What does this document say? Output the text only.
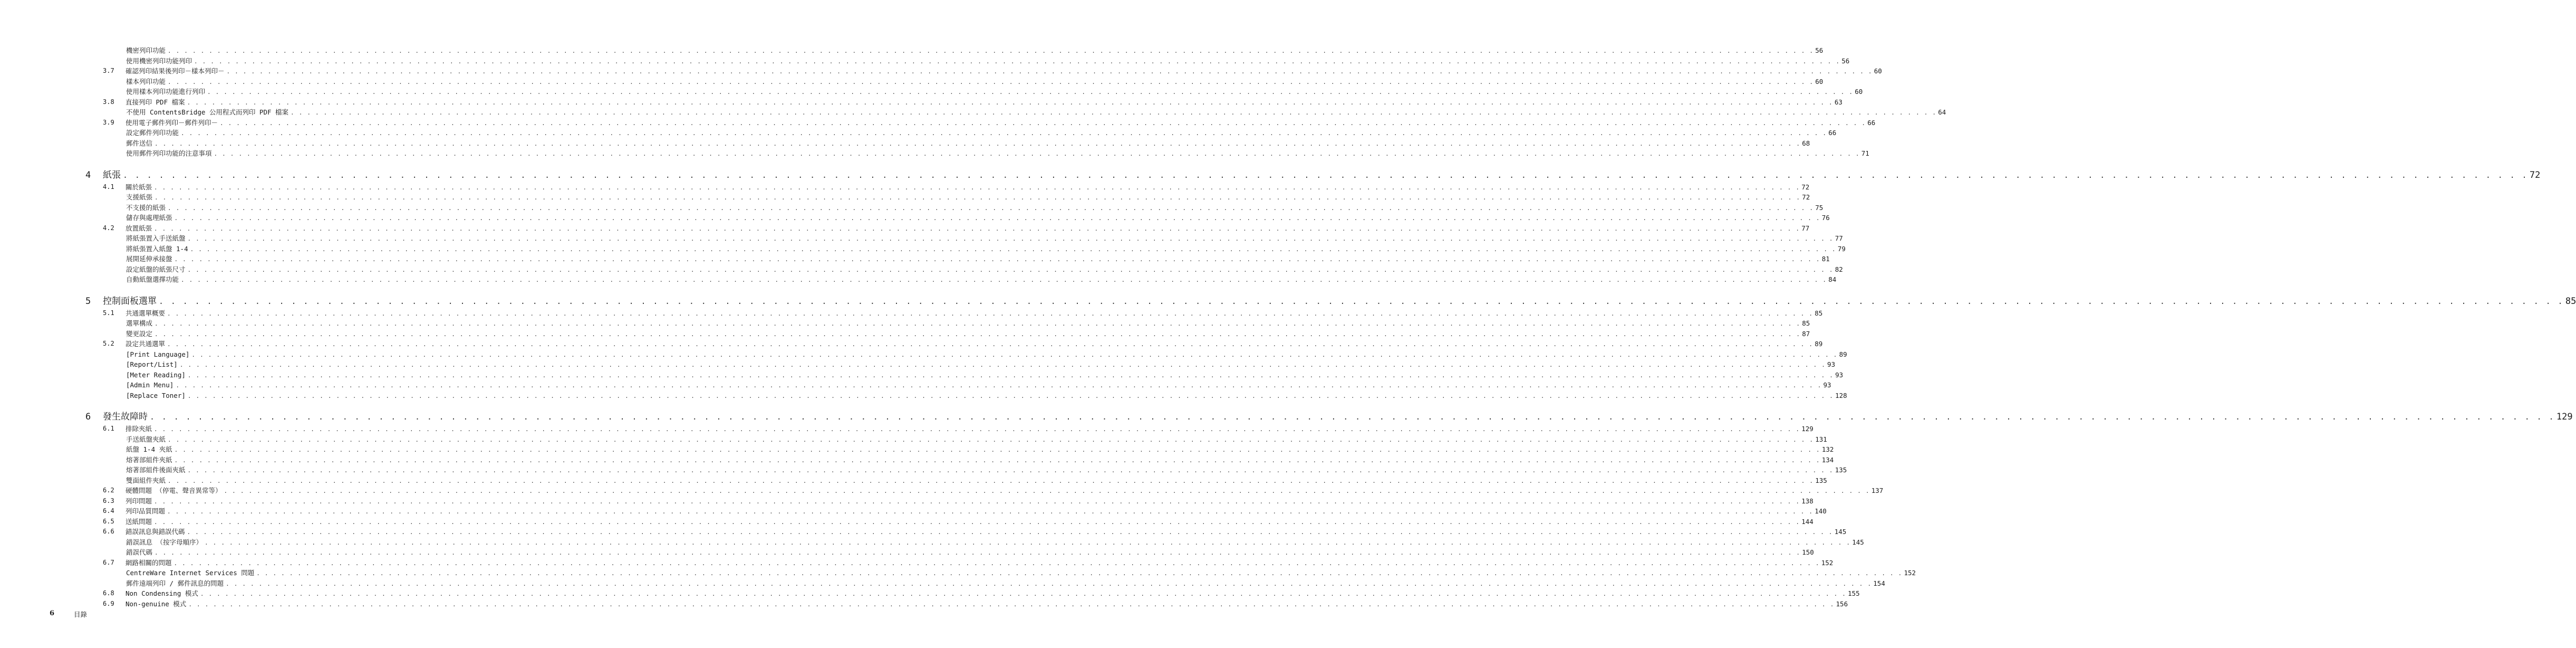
機密列印功能 . . . . . . . . . . . . . . . . . . . . . . . . . . . . . . . . . . . . . . . . . . . . . . . . . . . . . . . . . . . . . . . . . . . . . . . . . . . . . . . . . . . . . . . . . . . . . . . . . . . . . . . . . . . . . . . . . . . . . . . . . . . . . . . . . . . . . . . . . . . . . . . . . . . . . . . . . . . . . . . . . . . . . . . . . . . . . . . . . . . . . . . . . . . . . . . . . . . . . . . . 56
使用機密列印功能列印 . . . . . . . . . . . . . . . . . . . . . . . . . . . . . . . . . . . . . . . . . . . . . . . . . . . . . . . . . . . . . . . . . . . . . . . . . . . . . . . . . . . . . . . . . . . . . . . . . . . . . . . . . . . . . . . . . . . . . . . . . . . . . . . . . . . . . . . . . . . . . . . . . . . . . . . . . . . . . . . . . . . . . . . . . . . . . . . . . . . . . . . . . . . . . . . . . . . . . . . . 56
3.7 確認列印結果後列印－樣本列印－ . . . . . . . . . . . . . . . . . . . . . . . . . . . . . . . . . . . . . . . . . . . . . . . . . . . . . . . . . . . . . . . . . . . . . . . . . . . . . . . . . . . . . . . . . . . . . . . . . . . . . . . . . . . . . . . . . . . . . . . . . . . . . . . . . . . . . . . . . . . . . . . . . . . . . . . . . . . . . . . . . . . . . . . . . . . . . . . . . . . . . . . . . . . . . . . . . . . . . . . . 60
樣本列印功能 . . . . . . . . . . . . . . . . . . . . . . . . . . . . . . . . . . . . . . . . . . . . . . . . . . . . . . . . . . . . . . . . . . . . . . . . . . . . . . . . . . . . . . . . . . . . . . . . . . . . . . . . . . . . . . . . . . . . . . . . . . . . . . . . . . . . . . . . . . . . . . . . . . . . . . . . . . . . . . . . . . . . . . . . . . . . . . . . . . . . . . . . . . . . . . . . . . . . . . . . 60
使用樣本列印功能進行列印 . . . . . . . . . . . . . . . . . . . . . . . . . . . . . . . . . . . . . . . . . . . . . . . . . . . . . . . . . . . . . . . . . . . . . . . . . . . . . . . . . . . . . . . . . . . . . . . . . . . . . . . . . . . . . . . . . . . . . . . . . . . . . . . . . . . . . . . . . . . . . . . . . . . . . . . . . . . . . . . . . . . . . . . . . . . . . . . . . . . . . . . . . . . . . . . . . . . . . . . . 60
3.8 直接列印 PDF 檔案 . . . . . . . . . . . . . . . . . . . . . . . . . . . . . . . . . . . . . . . . . . . . . . . . . . . . . . . . . . . . . . . . . . . . . . . . . . . . . . . . . . . . . . . . . . . . . . . . . . . . . . . . . . . . . . . . . . . . . . . . . . . . . . . . . . . . . . . . . . . . . . . . . . . . . . . . . . . . . . . . . . . . . . . . . . . . . . . . . . . . . . . . . . . . . . . . . . . . . . . . 63
不使用 ContentsBridge 公用程式而列印 PDF 檔案 . . . . . . . . . . . . . . . . . . . . . . . . . . . . . . . . . . . . . . . . . . . . . . . . . . . . . . . . . . . . . . . . . . . . . . . . . . . . . . . . . . . . . . . . . . . . . . . . . . . . . . . . . . . . . . . . . . . . . . . . . . . . . . . . . . . . . . . . . . . . . . . . . . . . . . . . . . . . . . . . . . . . . . . . . . . . . . . . . . . . . . . . . . . . . . . . . . . . . . . . 64
3.9 使用電子郵件列印－郵件列印－ . . . . . . . . . . . . . . . . . . . . . . . . . . . . . . . . . . . . . . . . . . . . . . . . . . . . . . . . . . . . . . . . . . . . . . . . . . . . . . . . . . . . . . . . . . . . . . . . . . . . . . . . . . . . . . . . . . . . . . . . . . . . . . . . . . . . . . . . . . . . . . . . . . . . . . . . . . . . . . . . . . . . . . . . . . . . . . . . . . . . . . . . . . . . . . . . . . . . . . . . 66
設定郵件列印功能 . . . . . . . . . . . . . . . . . . . . . . . . . . . . . . . . . . . . . . . . . . . . . . . . . . . . . . . . . . . . . . . . . . . . . . . . . . . . . . . . . . . . . . . . . . . . . . . . . . . . . . . . . . . . . . . . . . . . . . . . . . . . . . . . . . . . . . . . . . . . . . . . . . . . . . . . . . . . . . . . . . . . . . . . . . . . . . . . . . . . . . . . . . . . . . . . . . . . . . . . 66
郵件送信 . . . . . . . . . . . . . . . . . . . . . . . . . . . . . . . . . . . . . . . . . . . . . . . . . . . . . . . . . . . . . . . . . . . . . . . . . . . . . . . . . . . . . . . . . . . . . . . . . . . . . . . . . . . . . . . . . . . . . . . . . . . . . . . . . . . . . . . . . . . . . . . . . . . . . . . . . . . . . . . . . . . . . . . . . . . . . . . . . . . . . . . . . . . . . . . . . . . . . . . . 68
使用郵件列印功能的注意事項 . . . . . . . . . . . . . . . . . . . . . . . . . . . . . . . . . . . . . . . . . . . . . . . . . . . . . . . . . . . . . . . . . . . . . . . . . . . . . . . . . . . . . . . . . . . . . . . . . . . . . . . . . . . . . . . . . . . . . . . . . . . . . . . . . . . . . . . . . . . . . . . . . . . . . . . . . . . . . . . . . . . . . . . . . . . . . . . . . . . . . . . . . . . . . . . . . . . . . . . . 71
4 紙張 . . . . . . . . . . . . . . . . . . . . . . . . . . . . . . . . . . . . . . . . . . . . . . . . . . . . . . . . . . . . . . . . . . . . . . . . . . . . . . . . . . . . . . . . . . . . . . . . . . . . . . . . . . . . . . . . . . . . . . . . . . . . . . . . . . . . . . . . . . . . . . . . . . . . . . . . . . . . . . . . . . . . . . . . . . . . . . . . . . . . . . . . . . . . . . . . . . . . . . . . 72
4.1 關於紙張 . . . . . . . . . . . . . . . . . . . . . . . . . . . . . . . . . . . . . . . . . . . . . . . . . . . . . . . . . . . . . . . . . . . . . . . . . . . . . . . . . . . . . . . . . . . . . . . . . . . . . . . . . . . . . . . . . . . . . . . . . . . . . . . . . . . . . . . . . . . . . . . . . . . . . . . . . . . . . . . . . . . . . . . . . . . . . . . . . . . . . . . . . . . . . . . . . . . . . . . . 72
支援紙張 . . . . . . . . . . . . . . . . . . . . . . . . . . . . . . . . . . . . . . . . . . . . . . . . . . . . . . . . . . . . . . . . . . . . . . . . . . . . . . . . . . . . . . . . . . . . . . . . . . . . . . . . . . . . . . . . . . . . . . . . . . . . . . . . . . . . . . . . . . . . . . . . . . . . . . . . . . . . . . . . . . . . . . . . . . . . . . . . . . . . . . . . . . . . . . . . . . . . . . . . 72
不支援的紙張 . . . . . . . . . . . . . . . . . . . . . . . . . . . . . . . . . . . . . . . . . . . . . . . . . . . . . . . . . . . . . . . . . . . . . . . . . . . . . . . . . . . . . . . . . . . . . . . . . . . . . . . . . . . . . . . . . . . . . . . . . . . . . . . . . . . . . . . . . . . . . . . . . . . . . . . . . . . . . . . . . . . . . . . . . . . . . . . . . . . . . . . . . . . . . . . . . . . . . . . . 75
儲存與處理紙張 . . . . . . . . . . . . . . . . . . . . . . . . . . . . . . . . . . . . . . . . . . . . . . . . . . . . . . . . . . . . . . . . . . . . . . . . . . . . . . . . . . . . . . . . . . . . . . . . . . . . . . . . . . . . . . . . . . . . . . . . . . . . . . . . . . . . . . . . . . . . . . . . . . . . . . . . . . . . . . . . . . . . . . . . . . . . . . . . . . . . . . . . . . . . . . . . . . . . . . . . 76
4.2 放置紙張 . . . . . . . . . . . . . . . . . . . . . . . . . . . . . . . . . . . . . . . . . . . . . . . . . . . . . . . . . . . . . . . . . . . . . . . . . . . . . . . . . . . . . . . . . . . . . . . . . . . . . . . . . . . . . . . . . . . . . . . . . . . . . . . . . . . . . . . . . . . . . . . . . . . . . . . . . . . . . . . . . . . . . . . . . . . . . . . . . . . . . . . . . . . . . . . . . . . . . . . . 77
將紙張置入手送紙盤 . . . . . . . . . . . . . . . . . . . . . . . . . . . . . . . . . . . . . . . . . . . . . . . . . . . . . . . . . . . . . . . . . . . . . . . . . . . . . . . . . . . . . . . . . . . . . . . . . . . . . . . . . . . . . . . . . . . . . . . . . . . . . . . . . . . . . . . . . . . . . . . . . . . . . . . . . . . . . . . . . . . . . . . . . . . . . . . . . . . . . . . . . . . . . . . . . . . . . . . . 77
將紙張置入紙盤 1-4 . . . . . . . . . . . . . . . . . . . . . . . . . . . . . . . . . . . . . . . . . . . . . . . . . . . . . . . . . . . . . . . . . . . . . . . . . . . . . . . . . . . . . . . . . . . . . . . . . . . . . . . . . . . . . . . . . . . . . . . . . . . . . . . . . . . . . . . . . . . . . . . . . . . . . . . . . . . . . . . . . . . . . . . . . . . . . . . . . . . . . . . . . . . . . . . . . . . . . . . . 79
展開延伸承接盤 . . . . . . . . . . . . . . . . . . . . . . . . . . . . . . . . . . . . . . . . . . . . . . . . . . . . . . . . . . . . . . . . . . . . . . . . . . . . . . . . . . . . . . . . . . . . . . . . . . . . . . . . . . . . . . . . . . . . . . . . . . . . . . . . . . . . . . . . . . . . . . . . . . . . . . . . . . . . . . . . . . . . . . . . . . . . . . . . . . . . . . . . . . . . . . . . . . . . . . . . 81
設定紙盤的紙張尺寸 . . . . . . . . . . . . . . . . . . . . . . . . . . . . . . . . . . . . . . . . . . . . . . . . . . . . . . . . . . . . . . . . . . . . . . . . . . . . . . . . . . . . . . . . . . . . . . . . . . . . . . . . . . . . . . . . . . . . . . . . . . . . . . . . . . . . . . . . . . . . . . . . . . . . . . . . . . . . . . . . . . . . . . . . . . . . . . . . . . . . . . . . . . . . . . . . . . . . . . . . 82
自動紙盤選擇功能 . . . . . . . . . . . . . . . . . . . . . . . . . . . . . . . . . . . . . . . . . . . . . . . . . . . . . . . . . . . . . . . . . . . . . . . . . . . . . . . . . . . . . . . . . . . . . . . . . . . . . . . . . . . . . . . . . . . . . . . . . . . . . . . . . . . . . . . . . . . . . . . . . . . . . . . . . . . . . . . . . . . . . . . . . . . . . . . . . . . . . . . . . . . . . . . . . . . . . . . . 84
5 控制面板選單 . . . . . . . . . . . . . . . . . . . . . . . . . . . . . . . . . . . . . . . . . . . . . . . . . . . . . . . . . . . . . . . . . . . . . . . . . . . . . . . . . . . . . . . . . . . . . . . . . . . . . . . . . . . . . . . . . . . . . . . . . . . . . . . . . . . . . . . . . . . . . . . . . . . . . . . . . . . . . . . . . . . . . . . . . . . . . . . . . . . . . . . . . . . . . . . . . . . . . . . . 85
5.1 共通選單概要 . . . . . . . . . . . . . . . . . . . . . . . . . . . . . . . . . . . . . . . . . . . . . . . . . . . . . . . . . . . . . . . . . . . . . . . . . . . . . . . . . . . . . . . . . . . . . . . . . . . . . . . . . . . . . . . . . . . . . . . . . . . . . . . . . . . . . . . . . . . . . . . . . . . . . . . . . . . . . . . . . . . . . . . . . . . . . . . . . . . . . . . . . . . . . . . . . . . . . . . . 85
選單構成 . . . . . . . . . . . . . . . . . . . . . . . . . . . . . . . . . . . . . . . . . . . . . . . . . . . . . . . . . . . . . . . . . . . . . . . . . . . . . . . . . . . . . . . . . . . . . . . . . . . . . . . . . . . . . . . . . . . . . . . . . . . . . . . . . . . . . . . . . . . . . . . . . . . . . . . . . . . . . . . . . . . . . . . . . . . . . . . . . . . . . . . . . . . . . . . . . . . . . . . . 85
變更設定 . . . . . . . . . . . . . . . . . . . . . . . . . . . . . . . . . . . . . . . . . . . . . . . . . . . . . . . . . . . . . . . . . . . . . . . . . . . . . . . . . . . . . . . . . . . . . . . . . . . . . . . . . . . . . . . . . . . . . . . . . . . . . . . . . . . . . . . . . . . . . . . . . . . . . . . . . . . . . . . . . . . . . . . . . . . . . . . . . . . . . . . . . . . . . . . . . . . . . . . . 87
5.2 設定共通選單 . . . . . . . . . . . . . . . . . . . . . . . . . . . . . . . . . . . . . . . . . . . . . . . . . . . . . . . . . . . . . . . . . . . . . . . . . . . . . . . . . . . . . . . . . . . . . . . . . . . . . . . . . . . . . . . . . . . . . . . . . . . . . . . . . . . . . . . . . . . . . . . . . . . . . . . . . . . . . . . . . . . . . . . . . . . . . . . . . . . . . . . . . . . . . . . . . . . . . . . . 89
[Print Language] . . . . . . . . . . . . . . . . . . . . . . . . . . . . . . . . . . . . . . . . . . . . . . . . . . . . . . . . . . . . . . . . . . . . . . . . . . . . . . . . . . . . . . . . . . . . . . . . . . . . . . . . . . . . . . . . . . . . . . . . . . . . . . . . . . . . . . . . . . . . . . . . . . . . . . . . . . . . . . . . . . . . . . . . . . . . . . . . . . . . . . . . . . . . . . . . . . . . . . . . 89
[Report/List] . . . . . . . . . . . . . . . . . . . . . . . . . . . . . . . . . . . . . . . . . . . . . . . . . . . . . . . . . . . . . . . . . . . . . . . . . . . . . . . . . . . . . . . . . . . . . . . . . . . . . . . . . . . . . . . . . . . . . . . . . . . . . . . . . . . . . . . . . . . . . . . . . . . . . . . . . . . . . . . . . . . . . . . . . . . . . . . . . . . . . . . . . . . . . . . . . . . . . . . . 93
[Meter Reading] . . . . . . . . . . . . . . . . . . . . . . . . . . . . . . . . . . . . . . . . . . . . . . . . . . . . . . . . . . . . . . . . . . . . . . . . . . . . . . . . . . . . . . . . . . . . . . . . . . . . . . . . . . . . . . . . . . . . . . . . . . . . . . . . . . . . . . . . . . . . . . . . . . . . . . . . . . . . . . . . . . . . . . . . . . . . . . . . . . . . . . . . . . . . . . . . . . . . . . . . 93
[Admin Menu] . . . . . . . . . . . . . . . . . . . . . . . . . . . . . . . . . . . . . . . . . . . . . . . . . . . . . . . . . . . . . . . . . . . . . . . . . . . . . . . . . . . . . . . . . . . . . . . . . . . . . . . . . . . . . . . . . . . . . . . . . . . . . . . . . . . . . . . . . . . . . . . . . . . . . . . . . . . . . . . . . . . . . . . . . . . . . . . . . . . . . . . . . . . . . . . . . . . . . . . . 93
[Replace Toner] . . . . . . . . . . . . . . . . . . . . . . . . . . . . . . . . . . . . . . . . . . . . . . . . . . . . . . . . . . . . . . . . . . . . . . . . . . . . . . . . . . . . . . . . . . . . . . . . . . . . . . . . . . . . . . . . . . . . . . . . . . . . . . . . . . . . . . . . . . . . . . . . . . . . . . . . . . . . . . . . . . . . . . . . . . . . . . . . . . . . . . . . . . . . . . . . . . . . . . . . 128
6 發生故障時 . . . . . . . . . . . . . . . . . . . . . . . . . . . . . . . . . . . . . . . . . . . . . . . . . . . . . . . . . . . . . . . . . . . . . . . . . . . . . . . . . . . . . . . . . . . . . . . . . . . . . . . . . . . . . . . . . . . . . . . . . . . . . . . . . . . . . . . . . . . . . . . . . . . . . . . . . . . . . . . . . . . . . . . . . . . . . . . . . . . . . . . . . . . . . . . . . . . . . . . . 129
6.1 排除夾紙 . . . . . . . . . . . . . . . . . . . . . . . . . . . . . . . . . . . . . . . . . . . . . . . . . . . . . . . . . . . . . . . . . . . . . . . . . . . . . . . . . . . . . . . . . . . . . . . . . . . . . . . . . . . . . . . . . . . . . . . . . . . . . . . . . . . . . . . . . . . . . . . . . . . . . . . . . . . . . . . . . . . . . . . . . . . . . . . . . . . . . . . . . . . . . . . . . . . . . . . . 129
手送紙盤夾紙 . . . . . . . . . . . . . . . . . . . . . . . . . . . . . . . . . . . . . . . . . . . . . . . . . . . . . . . . . . . . . . . . . . . . . . . . . . . . . . . . . . . . . . . . . . . . . . . . . . . . . . . . . . . . . . . . . . . . . . . . . . . . . . . . . . . . . . . . . . . . . . . . . . . . . . . . . . . . . . . . . . . . . . . . . . . . . . . . . . . . . . . . . . . . . . . . . . . . . . . . 131
紙盤 1-4 夾紙 . . . . . . . . . . . . . . . . . . . . . . . . . . . . . . . . . . . . . . . . . . . . . . . . . . . . . . . . . . . . . . . . . . . . . . . . . . . . . . . . . . . . . . . . . . . . . . . . . . . . . . . . . . . . . . . . . . . . . . . . . . . . . . . . . . . . . . . . . . . . . . . . . . . . . . . . . . . . . . . . . . . . . . . . . . . . . . . . . . . . . . . . . . . . . . . . . . . . . . . . 132
熔著部組件夾紙 . . . . . . . . . . . . . . . . . . . . . . . . . . . . . . . . . . . . . . . . . . . . . . . . . . . . . . . . . . . . . . . . . . . . . . . . . . . . . . . . . . . . . . . . . . . . . . . . . . . . . . . . . . . . . . . . . . . . . . . . . . . . . . . . . . . . . . . . . . . . . . . . . . . . . . . . . . . . . . . . . . . . . . . . . . . . . . . . . . . . . . . . . . . . . . . . . . . . . . . . 134
熔著部組件後面夾紙 . . . . . . . . . . . . . . . . . . . . . . . . . . . . . . . . . . . . . . . . . . . . . . . . . . . . . . . . . . . . . . . . . . . . . . . . . . . . . . . . . . . . . . . . . . . . . . . . . . . . . . . . . . . . . . . . . . . . . . . . . . . . . . . . . . . . . . . . . . . . . . . . . . . . . . . . . . . . . . . . . . . . . . . . . . . . . . . . . . . . . . . . . . . . . . . . . . . . . . . . 135
雙面組件夾紙 . . . . . . . . . . . . . . . . . . . . . . . . . . . . . . . . . . . . . . . . . . . . . . . . . . . . . . . . . . . . . . . . . . . . . . . . . . . . . . . . . . . . . . . . . . . . . . . . . . . . . . . . . . . . . . . . . . . . . . . . . . . . . . . . . . . . . . . . . . . . . . . . . . . . . . . . . . . . . . . . . . . . . . . . . . . . . . . . . . . . . . . . . . . . . . . . . . . . . . . . 135
6.2 硬體問題 （停電、聲音異常等） . . . . . . . . . . . . . . . . . . . . . . . . . . . . . . . . . . . . . . . . . . . . . . . . . . . . . . . . . . . . . . . . . . . . . . . . . . . . . . . . . . . . . . . . . . . . . . . . . . . . . . . . . . . . . . . . . . . . . . . . . . . . . . . . . . . . . . . . . . . . . . . . . . . . . . . . . . . . . . . . . . . . . . . . . . . . . . . . . . . . . . . . . . . . . . . . . . . . . . . . 137
6.3 列印問題 . . . . . . . . . . . . . . . . . . . . . . . . . . . . . . . . . . . . . . . . . . . . . . . . . . . . . . . . . . . . . . . . . . . . . . . . . . . . . . . . . . . . . . . . . . . . . . . . . . . . . . . . . . . . . . . . . . . . . . . . . . . . . . . . . . . . . . . . . . . . . . . . . . . . . . . . . . . . . . . . . . . . . . . . . . . . . . . . . . . . . . . . . . . . . . . . . . . . . . . . 138
6.4 列印品質問題 . . . . . . . . . . . . . . . . . . . . . . . . . . . . . . . . . . . . . . . . . . . . . . . . . . . . . . . . . . . . . . . . . . . . . . . . . . . . . . . . . . . . . . . . . . . . . . . . . . . . . . . . . . . . . . . . . . . . . . . . . . . . . . . . . . . . . . . . . . . . . . . . . . . . . . . . . . . . . . . . . . . . . . . . . . . . . . . . . . . . . . . . . . . . . . . . . . . . . . . . 140
6.5 送紙問題 . . . . . . . . . . . . . . . . . . . . . . . . . . . . . . . . . . . . . . . . . . . . . . . . . . . . . . . . . . . . . . . . . . . . . . . . . . . . . . . . . . . . . . . . . . . . . . . . . . . . . . . . . . . . . . . . . . . . . . . . . . . . . . . . . . . . . . . . . . . . . . . . . . . . . . . . . . . . . . . . . . . . . . . . . . . . . . . . . . . . . . . . . . . . . . . . . . . . . . . . 144
6.6 錯誤訊息與錯誤代碼 . . . . . . . . . . . . . . . . . . . . . . . . . . . . . . . . . . . . . . . . . . . . . . . . . . . . . . . . . . . . . . . . . . . . . . . . . . . . . . . . . . . . . . . . . . . . . . . . . . . . . . . . . . . . . . . . . . . . . . . . . . . . . . . . . . . . . . . . . . . . . . . . . . . . . . . . . . . . . . . . . . . . . . . . . . . . . . . . . . . . . . . . . . . . . . . . . . . . . . . . 145
錯誤訊息 （按字母順序） . . . . . . . . . . . . . . . . . . . . . . . . . . . . . . . . . . . . . . . . . . . . . . . . . . . . . . . . . . . . . . . . . . . . . . . . . . . . . . . . . . . . . . . . . . . . . . . . . . . . . . . . . . . . . . . . . . . . . . . . . . . . . . . . . . . . . . . . . . . . . . . . . . . . . . . . . . . . . . . . . . . . . . . . . . . . . . . . . . . . . . . . . . . . . . . . . . . . . . . . 145
錯誤代碼 . . . . . . . . . . . . . . . . . . . . . . . . . . . . . . . . . . . . . . . . . . . . . . . . . . . . . . . . . . . . . . . . . . . . . . . . . . . . . . . . . . . . . . . . . . . . . . . . . . . . . . . . . . . . . . . . . . . . . . . . . . . . . . . . . . . . . . . . . . . . . . . . . . . . . . . . . . . . . . . . . . . . . . . . . . . . . . . . . . . . . . . . . . . . . . . . . . . . . . . . 150
6.7 網路相關的問題 . . . . . . . . . . . . . . . . . . . . . . . . . . . . . . . . . . . . . . . . . . . . . . . . . . . . . . . . . . . . . . . . . . . . . . . . . . . . . . . . . . . . . . . . . . . . . . . . . . . . . . . . . . . . . . . . . . . . . . . . . . . . . . . . . . . . . . . . . . . . . . . . . . . . . . . . . . . . . . . . . . . . . . . . . . . . . . . . . . . . . . . . . . . . . . . . . . . . . . . . 152
CentreWare Internet Services 問題 . . . . . . . . . . . . . . . . . . . . . . . . . . . . . . . . . . . . . . . . . . . . . . . . . . . . . . . . . . . . . . . . . . . . . . . . . . . . . . . . . . . . . . . . . . . . . . . . . . . . . . . . . . . . . . . . . . . . . . . . . . . . . . . . . . . . . . . . . . . . . . . . . . . . . . . . . . . . . . . . . . . . . . . . . . . . . . . . . . . . . . . . . . . . . . . . . . . . . . . . 152
郵件遠端列印 / 郵件訊息的問題 . . . . . . . . . . . . . . . . . . . . . . . . . . . . . . . . . . . . . . . . . . . . . . . . . . . . . . . . . . . . . . . . . . . . . . . . . . . . . . . . . . . . . . . . . . . . . . . . . . . . . . . . . . . . . . . . . . . . . . . . . . . . . . . . . . . . . . . . . . . . . . . . . . . . . . . . . . . . . . . . . . . . . . . . . . . . . . . . . . . . . . . . . . . . . . . . . . . . . . . . 154
6.8 Non Condensing 模式 . . . . . . . . . . . . . . . . . . . . . . . . . . . . . . . . . . . . . . . . . . . . . . . . . . . . . . . . . . . . . . . . . . . . . . . . . . . . . . . . . . . . . . . . . . . . . . . . . . . . . . . . . . . . . . . . . . . . . . . . . . . . . . . . . . . . . . . . . . . . . . . . . . . . . . . . . . . . . . . . . . . . . . . . . . . . . . . . . . . . . . . . . . . . . . . . . . . . . . . . 155
6.9 Non-genuine 模式 . . . . . . . . . . . . . . . . . . . . . . . . . . . . . . . . . . . . . . . . . . . . . . . . . . . . . . . . . . . . . . . . . . . . . . . . . . . . . . . . . . . . . . . . . . . . . . . . . . . . . . . . . . . . . . . . . . . . . . . . . . . . . . . . . . . . . . . . . . . . . . . . . . . . . . . . . . . . . . . . . . . . . . . . . . . . . . . . . . . . . . . . . . . . . . . . . . . . . . . . 156
6	目錄
